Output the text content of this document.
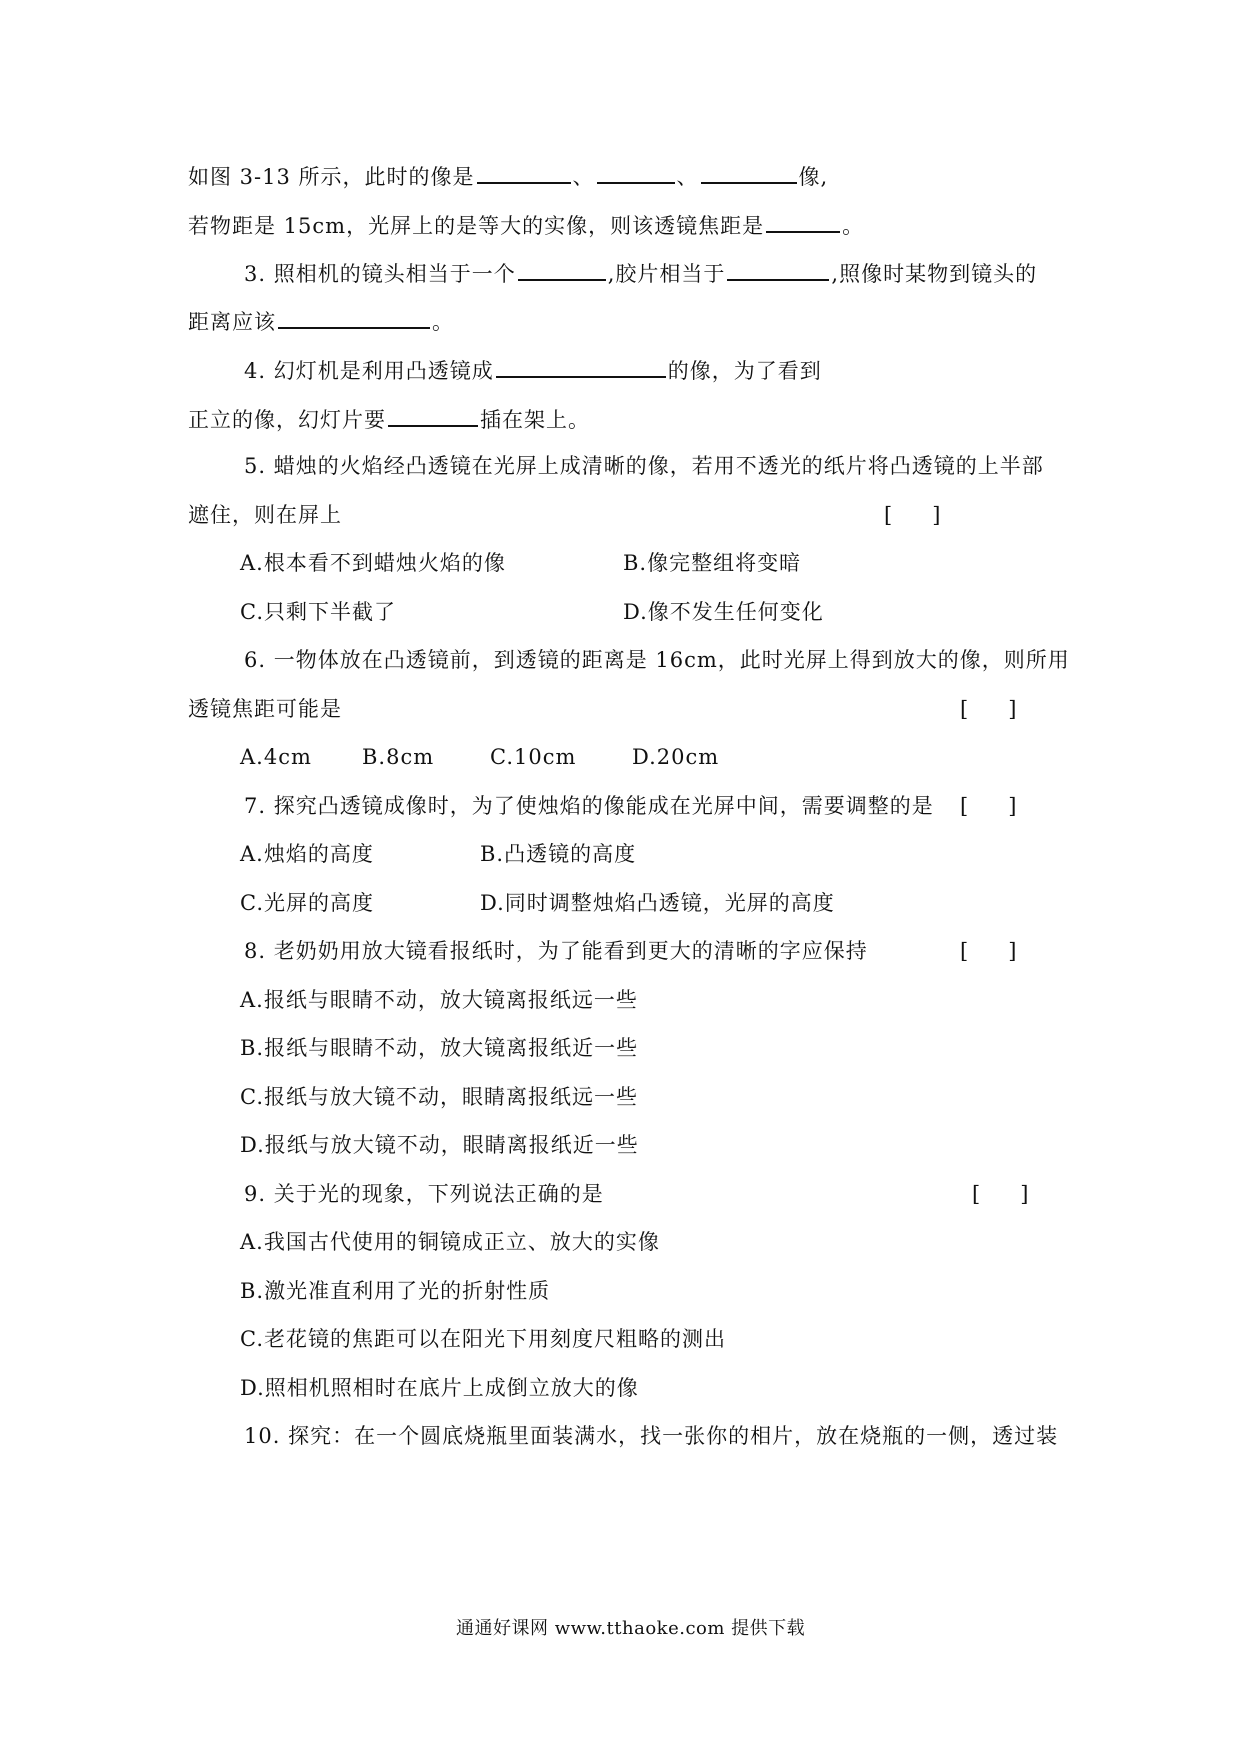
如图 3-13 所示，此时的像是	、	、	像,
若物距是 15cm，光屏上的是等大的实像，则该透镜焦距是	。
3. 照相机的镜头相当于一个	,胶片相当于	,照像时某物到镜头的
距离应该	。
4. 幻灯机是利用凸透镜成	的像，为了看到
正立的像，幻灯片要	插在架上。
5. 蜡烛的火焰经凸透镜在光屏上成清晰的像，若用不透光的纸片将凸透镜的上半部
遮住，则在屏上	[      ]
A.根本看不到蜡烛火焰的像	B.像完整组将变暗
C.只剩下半截了	D.像不发生任何变化
6. 一物体放在凸透镜前，到透镜的距离是 16cm，此时光屏上得到放大的像，则所用
透镜焦距可能是	[      ]
A.4cm B.8cm	C.10cm	D.20cm
7. 探究凸透镜成像时，为了使烛焰的像能成在光屏中间，需要调整的是 [      ]
A.烛焰的高度	B.凸透镜的高度
C.光屏的高度	D.同时调整烛焰凸透镜，光屏的高度
8. 老奶奶用放大镜看报纸时，为了能看到更大的清晰的字应保持	[      ]
A.报纸与眼睛不动，放大镜离报纸远一些
B.报纸与眼睛不动，放大镜离报纸近一些
C.报纸与放大镜不动，眼睛离报纸远一些
D.报纸与放大镜不动，眼睛离报纸近一些
9. 关于光的现象，下列说法正确的是	[      ]
A.我国古代使用的铜镜成正立、放大的实像
B.激光准直利用了光的折射性质
C.老花镜的焦距可以在阳光下用刻度尺粗略的测出
D.照相机照相时在底片上成倒立放大的像
10. 探究：在一个圆底烧瓶里面装满水，找一张你的相片，放在烧瓶的一侧，透过装
通通好课网 www.tthaoke.com 提供下载
